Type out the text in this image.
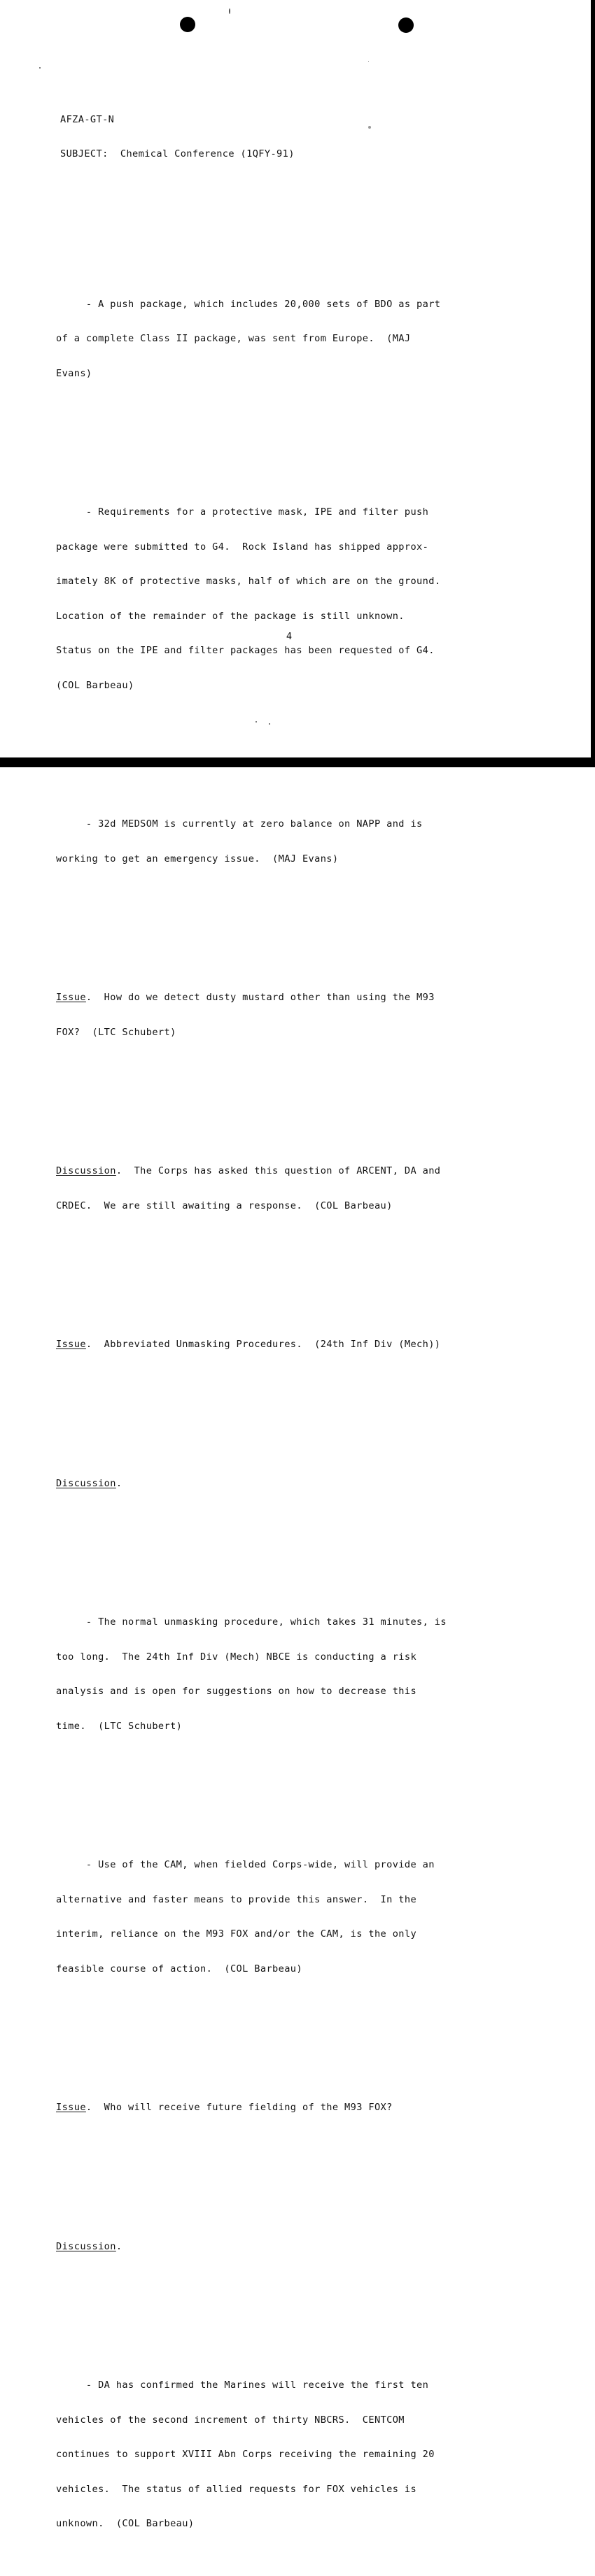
AFZA-GT-N

SUBJECT: Chemical Conference (1QFY-91)

- A push package, which includes 20,000 sets of BDO as part

of a complete Class II package, was sent from Europe.  (MAJ

Evans)

- Requirements for a protective mask, IPE and filter push

package were submitted to G4.  Rock Island has shipped approx-

imately 8K of protective masks, half of which are on the ground.

Location of the remainder of the package is still unknown.

Status on the IPE and filter packages has been requested of G4.

(COL Barbeau)

- 32d MEDSOM is currently at zero balance on NAPP and is

working to get an emergency issue.  (MAJ Evans)

Issue.  How do we detect dusty mustard other than using the M93

FOX?  (LTC Schubert)

Discussion.  The Corps has asked this question of ARCENT, DA and

CRDEC.  We are still awaiting a response.  (COL Barbeau)

Issue.  Abbreviated Unmasking Procedures.  (24th Inf Div (Mech))

Discussion.

- The normal unmasking procedure, which takes 31 minutes, is

too long.  The 24th Inf Div (Mech) NBCE is conducting a risk

analysis and is open for suggestions on how to decrease this

time.  (LTC Schubert)

- Use of the CAM, when fielded Corps-wide, will provide an

alternative and faster means to provide this answer.  In the

interim, reliance on the M93 FOX and/or the CAM, is the only

feasible course of action.  (COL Barbeau)

Issue.  Who will receive future fielding of the M93 FOX?

Discussion.

- DA has confirmed the Marines will receive the first ten

vehicles of the second increment of thirty NBCRS.  CENTCOM

continues to support XVIII Abn Corps receiving the remaining 20

vehicles.  The status of allied requests for FOX vehicles is

unknown.  (COL Barbeau)

4
